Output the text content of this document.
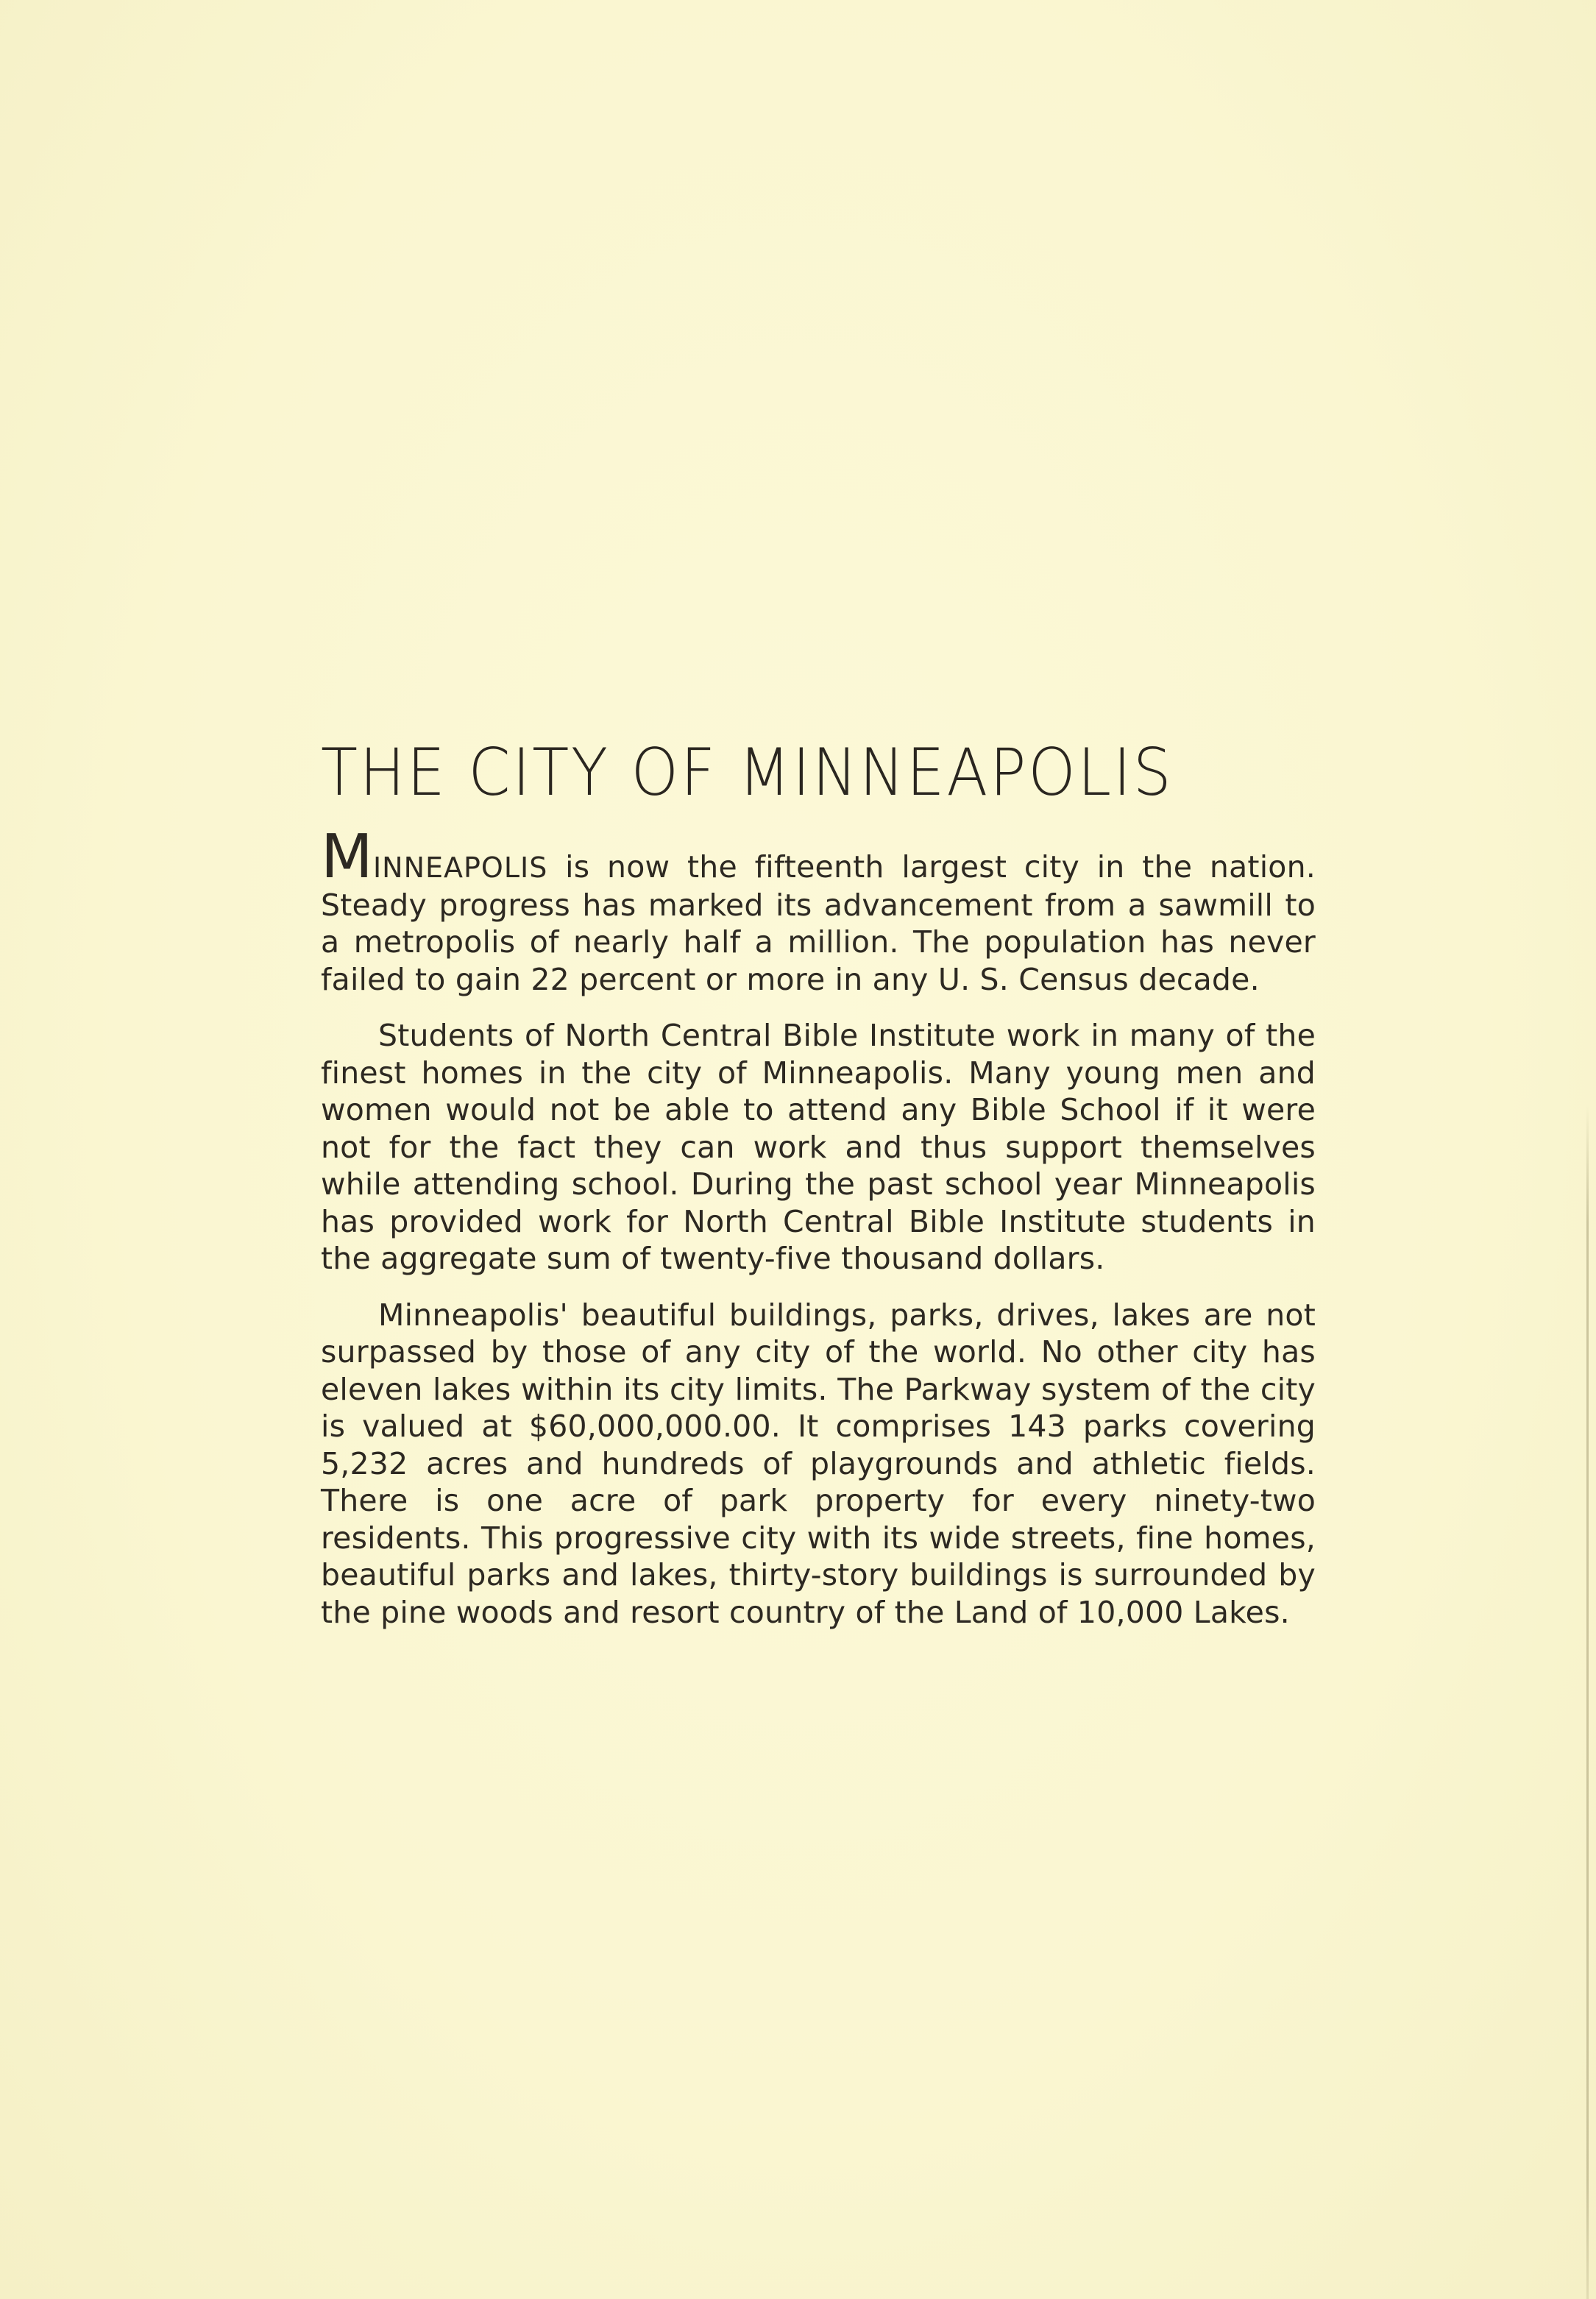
THE CITY OF MINNEAPOLIS

MINNEAPOLIS is now the fifteenth largest city in the nation. Steady progress has marked its advancement from a sawmill to a metropolis of nearly half a million. The population has never failed to gain 22 percent or more in any U. S. Census decade.

Students of North Central Bible Institute work in many of the finest homes in the city of Minneapolis. Many young men and women would not be able to attend any Bible School if it were not for the fact they can work and thus support themselves while attending school. During the past school year Minneapolis has provided work for North Central Bible Institute students in the aggregate sum of twenty-five thousand dollars.

Minneapolis' beautiful buildings, parks, drives, lakes are not surpassed by those of any city of the world. No other city has eleven lakes within its city limits. The Parkway system of the city is valued at $60,000,000.00. It comprises 143 parks covering 5,232 acres and hundreds of playgrounds and athletic fields. There is one acre of park property for every ninety-two residents. This progressive city with its wide streets, fine homes, beautiful parks and lakes, thirty-story buildings is surrounded by the pine woods and resort country of the Land of 10,000 Lakes.
